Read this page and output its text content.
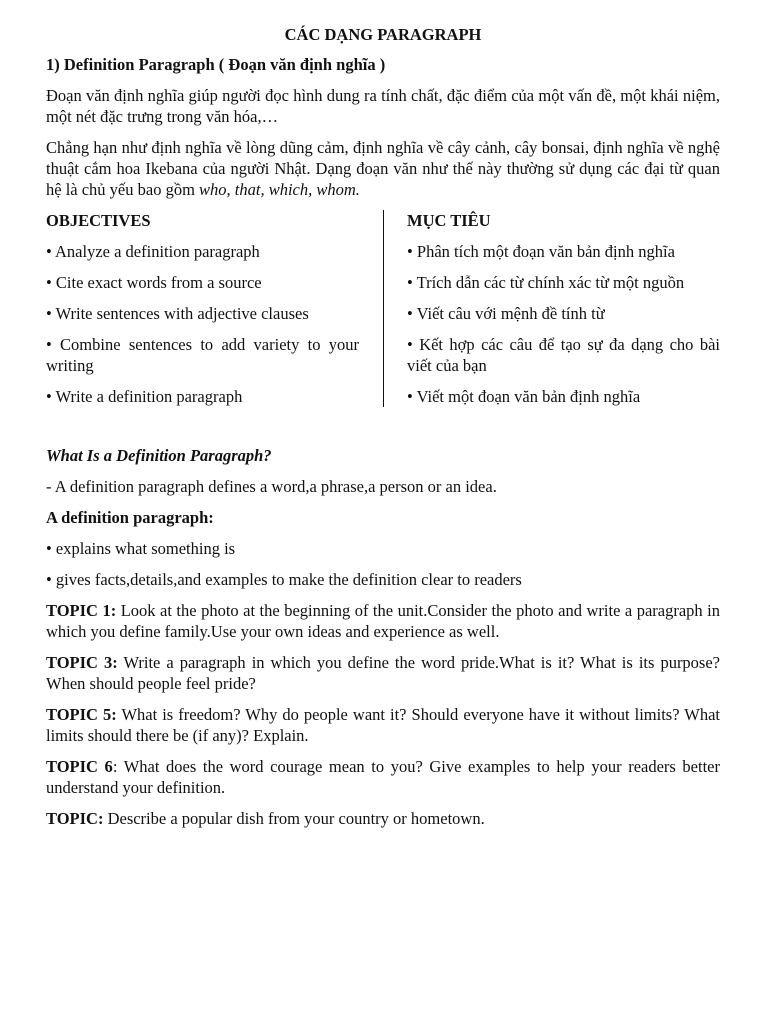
CÁC DẠNG PARAGRAPH

1) Definition Paragraph ( Đoạn văn định nghĩa )

Đoạn văn định nghĩa giúp người đọc hình dung ra tính chất, đặc điểm của một vấn đề, một khái niệm, một nét đặc trưng trong văn hóa,…

Chẳng hạn như định nghĩa về lòng dũng cảm, định nghĩa về cây cảnh, cây bonsai, định nghĩa về nghệ thuật cắm hoa Ikebana của người Nhật. Dạng đoạn văn như thế này thường sử dụng các đại từ quan hệ là chủ yếu bao gồm who, that, which, whom.

OBJECTIVES

• Analyze a definition paragraph

• Cite exact words from a source

• Write sentences with adjective clauses

• Combine sentences to add variety to your writing

• Write a definition paragraph

MỤC TIÊU

• Phân tích một đoạn văn bản định nghĩa

• Trích dẫn các từ chính xác từ một nguồn

• Viết câu với mệnh đề tính từ

• Kết hợp các câu để tạo sự đa dạng cho bài viết của bạn

• Viết một đoạn văn bản định nghĩa

What Is a Definition Paragraph?

- A definition paragraph defines a word,a phrase,a person or an idea.

A definition paragraph:

• explains what something is

• gives facts,details,and examples to make the definition clear to readers

TOPIC 1: Look at the photo at the beginning of the unit.Consider the photo and write a paragraph in which you define family.Use your own ideas and experience as well.

TOPIC 3: Write a paragraph in which you define the word pride.What is it? What is its purpose? When should people feel pride?

TOPIC 5: What is freedom? Why do people want it? Should everyone have it without limits? What limits should there be (if any)? Explain.

TOPIC 6: What does the word courage mean to you? Give examples to help your readers better understand your definition.

TOPIC: Describe a popular dish from your country or hometown.
